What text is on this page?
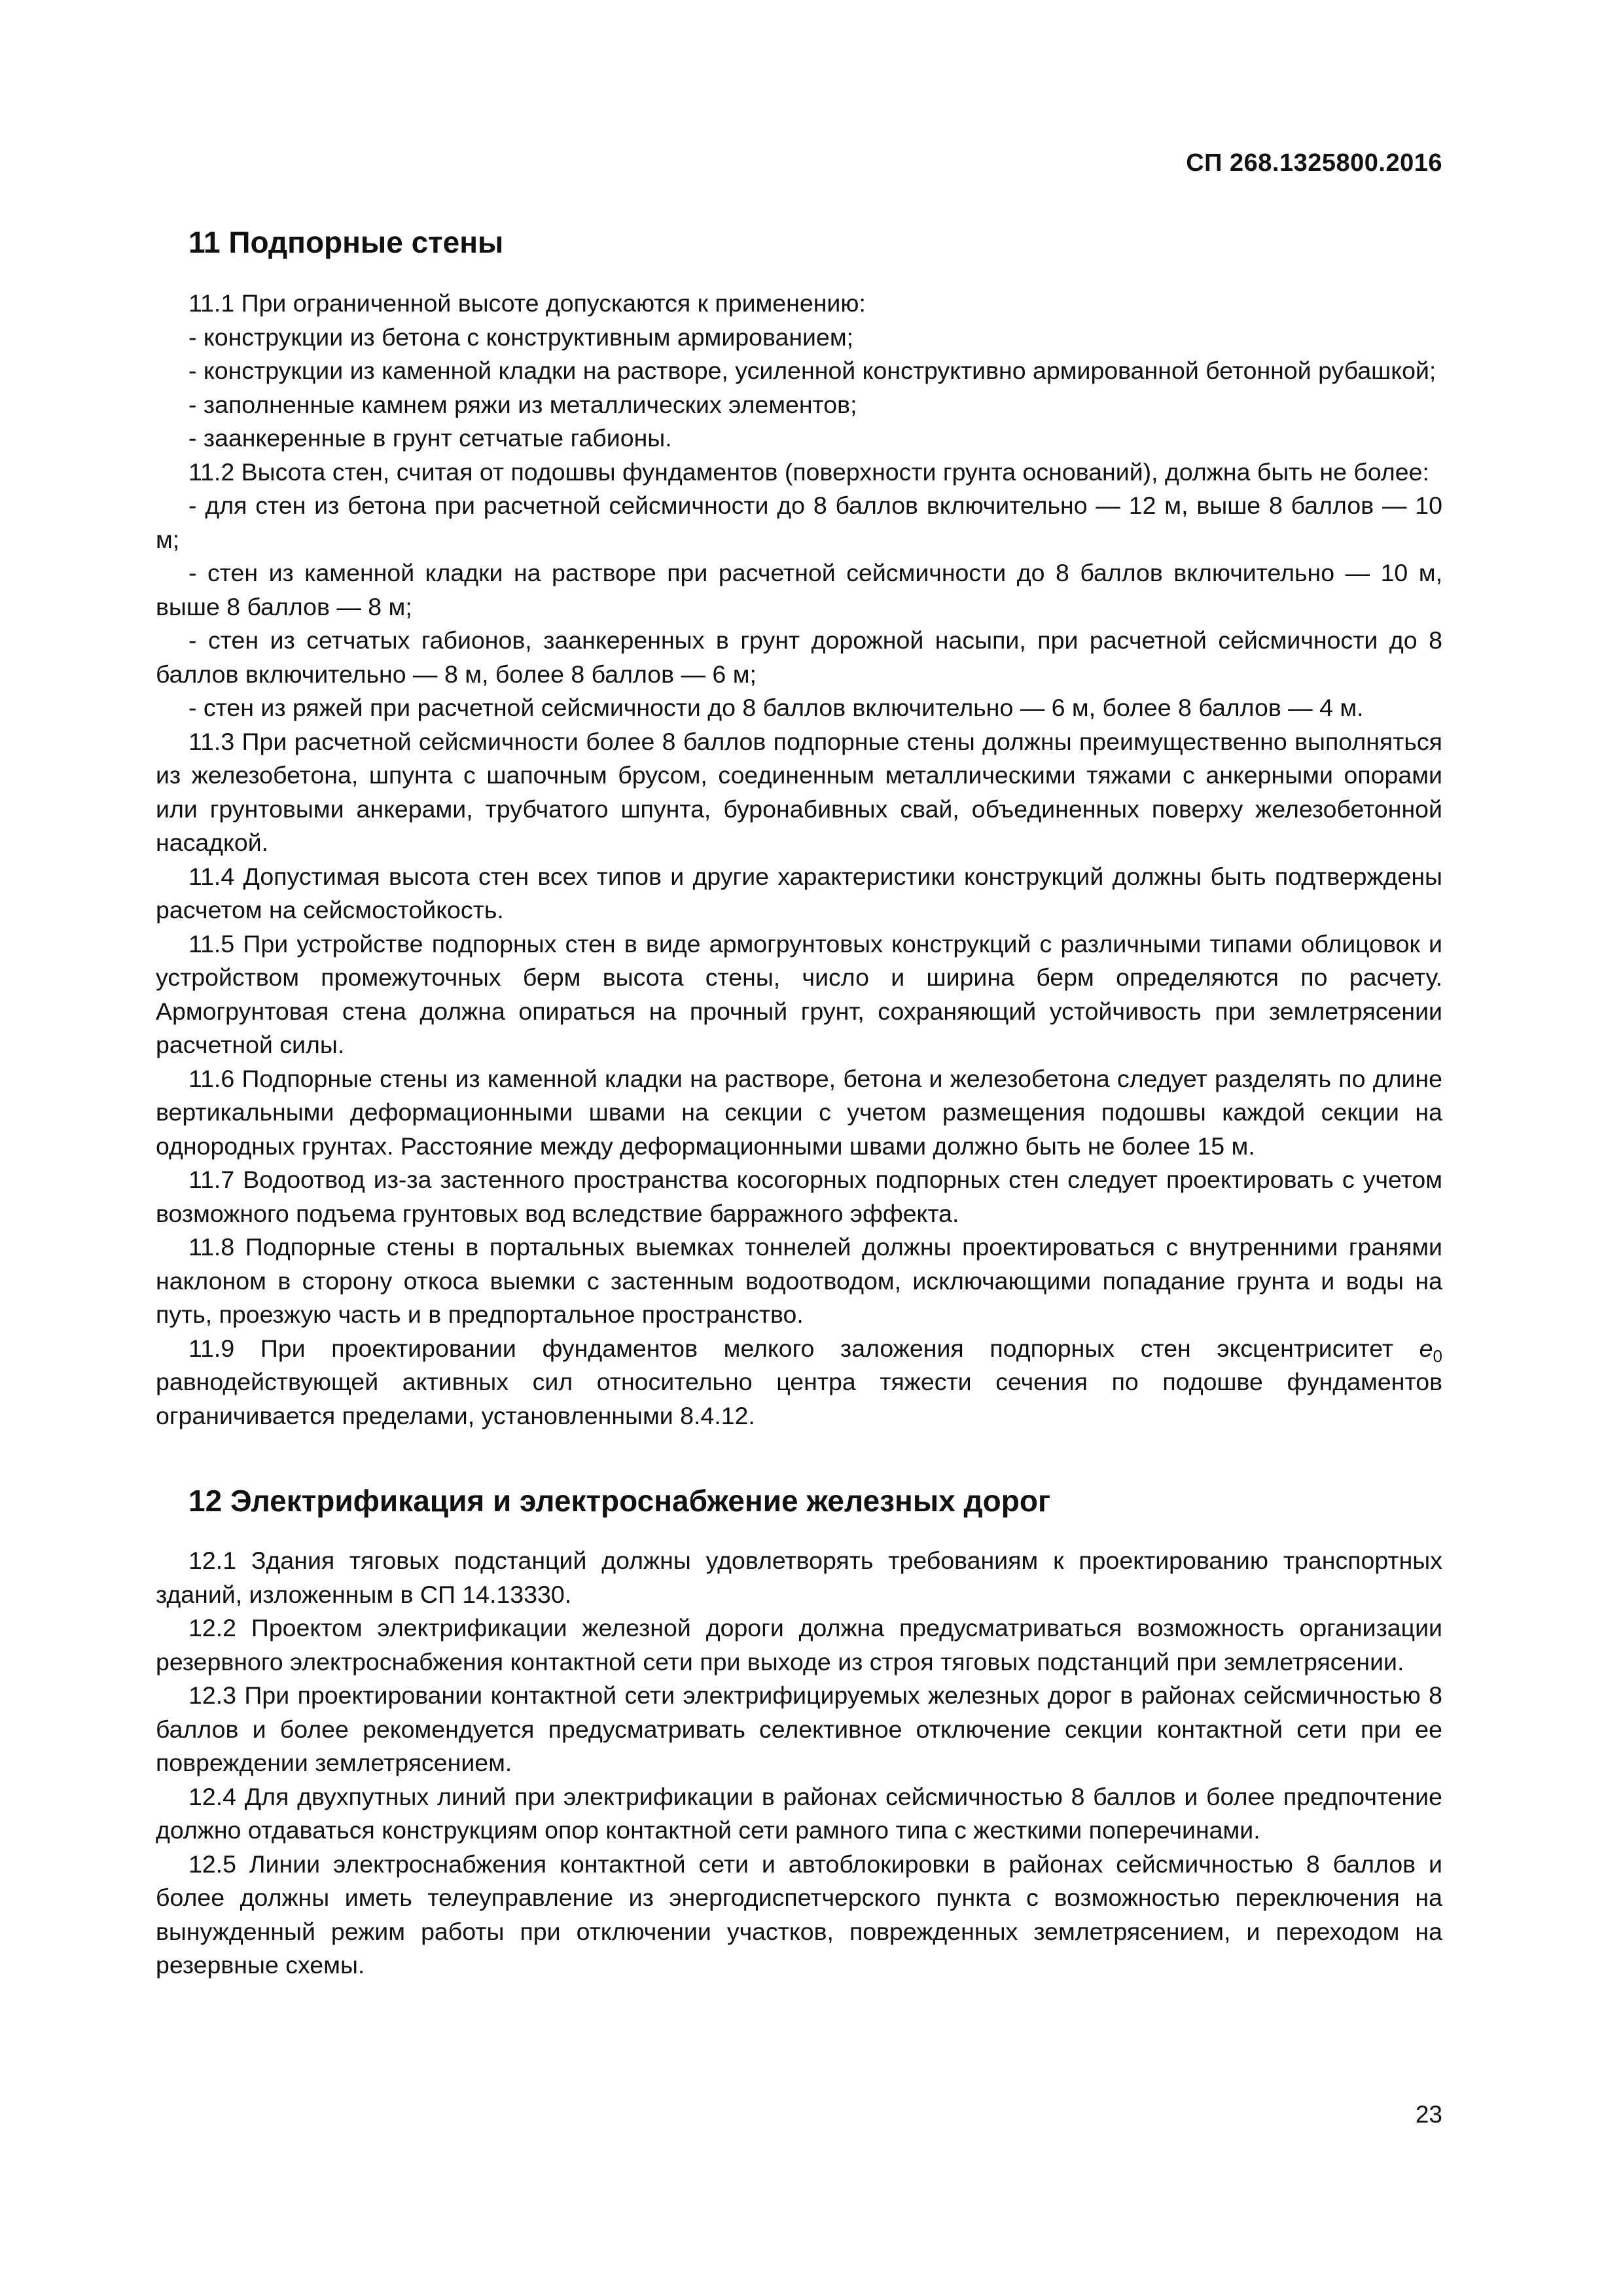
СП 268.1325800.2016
11 Подпорные стены

11.1 При ограниченной высоте допускаются к применению:

- конструкции из бетона с конструктивным армированием;

- конструкции из каменной кладки на растворе, усиленной конструктивно армированной бетонной рубашкой;

- заполненные камнем ряжи из металлических элементов;

- заанкеренные в грунт сетчатые габионы.

11.2 Высота стен, считая от подошвы фундаментов (поверхности грунта оснований), должна быть не более:

- для стен из бетона при расчетной сейсмичности до 8 баллов включительно — 12 м, выше 8 баллов — 10 м;

- стен из каменной кладки на растворе при расчетной сейсмичности до 8 баллов включительно — 10 м, выше 8 баллов — 8 м;

- стен из сетчатых габионов, заанкеренных в грунт дорожной насыпи, при расчетной сейсмичности до 8 баллов включительно — 8 м, более 8 баллов — 6 м;

- стен из ряжей при расчетной сейсмичности до 8 баллов включительно — 6 м, более 8 баллов — 4 м.

11.3 При расчетной сейсмичности более 8 баллов подпорные стены должны преимущественно выполняться из железобетона, шпунта с шапочным брусом, соединенным металлическими тяжами с анкерными опорами или грунтовыми анкерами, трубчатого шпунта, буронабивных свай, объединенных поверху железобетонной насадкой.

11.4 Допустимая высота стен всех типов и другие характеристики конструкций должны быть подтверждены расчетом на сейсмостойкость.

11.5 При устройстве подпорных стен в виде армогрунтовых конструкций с различными типами облицовок и устройством промежуточных берм высота стены, число и ширина берм определяются по расчету. Армогрунтовая стена должна опираться на прочный грунт, сохраняющий устойчивость при землетрясении расчетной силы.

11.6 Подпорные стены из каменной кладки на растворе, бетона и железобетона следует разделять по длине вертикальными деформационными швами на секции с учетом размещения подошвы каждой секции на однородных грунтах. Расстояние между деформационными швами должно быть не более 15 м.

11.7 Водоотвод из-за застенного пространства косогорных подпорных стен следует проектировать с учетом возможного подъема грунтовых вод вследствие барражного эффекта.

11.8 Подпорные стены в портальных выемках тоннелей должны проектироваться с внутренними гранями наклоном в сторону откоса выемки с застенным водоотводом, исключающими попадание грунта и воды на путь, проезжую часть и в предпортальное пространство.

11.9 При проектировании фундаментов мелкого заложения подпорных стен эксцентриситет $e_0$ равнодействующей активных сил относительно центра тяжести сечения по подошве фундаментов ограничивается пределами, установленными 8.4.12.

12 Электрификация и электроснабжение железных дорог

12.1 Здания тяговых подстанций должны удовлетворять требованиям к проектированию транспортных зданий, изложенным в СП 14.13330.

12.2 Проектом электрификации железной дороги должна предусматриваться возможность организации резервного электроснабжения контактной сети при выходе из строя тяговых подстанций при землетрясении.

12.3 При проектировании контактной сети электрифицируемых железных дорог в районах сейсмичностью 8 баллов и более рекомендуется предусматривать селективное отключение секции контактной сети при ее повреждении землетрясением.

12.4 Для двухпутных линий при электрификации в районах сейсмичностью 8 баллов и более предпочтение должно отдаваться конструкциям опор контактной сети рамного типа с жесткими поперечинами.

12.5 Линии электроснабжения контактной сети и автоблокировки в районах сейсмичностью 8 баллов и более должны иметь телеуправление из энергодиспетчерского пункта с возможностью переключения на вынужденный режим работы при отключении участков, поврежденных землетрясением, и переходом на резервные схемы.

23
